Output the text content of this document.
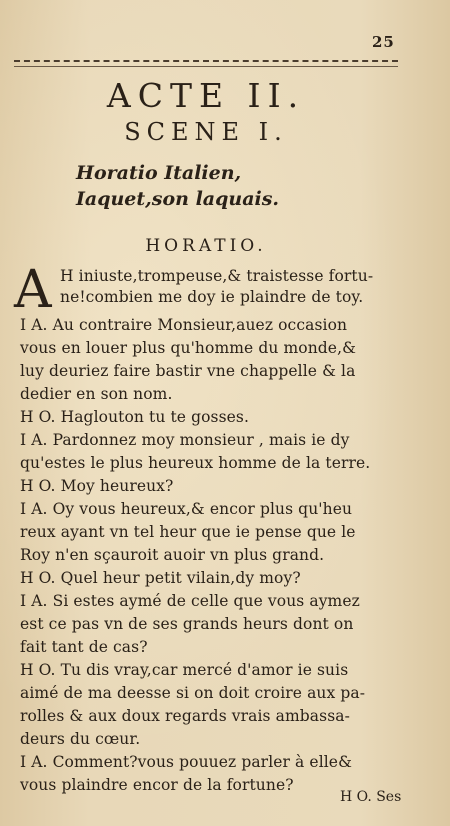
25
ACTE II.
SCENE I.
Horatio Italien,
Iaquet,son laquais.
HORATIO.
A H iniuste,trompeuse,& traistesse fortu-
ne!combien me doy ie plaindre de toy.
I A. Au contraire Monsieur,auez occasion
vous en louer plus qu'homme du monde,&
luy deuriez faire bastir vne chappelle & la
dedier en son nom.
H O. Haglouton tu te gosses.
I A. Pardonnez moy monsieur , mais ie dy
qu'estes le plus heureux homme de la terre.
H O. Moy heureux?
I A. Oy vous heureux,& encor plus qu'heu
reux ayant vn tel heur que ie pense que le
Roy n'en sçauroit auoir vn plus grand.
H O. Quel heur petit vilain,dy moy?
I A. Si estes aymé de celle que vous aymez
est ce pas vn de ses grands heurs dont on
fait tant de cas?
H O. Tu dis vray,car mercé d'amor ie suis
aimé de ma deesse si on doit croire aux pa-
rolles & aux doux regards vrais ambassa-
deurs du cœur.
I A. Comment?vous pouuez parler à elle&
vous plaindre encor de la fortune?
H O. Ses
